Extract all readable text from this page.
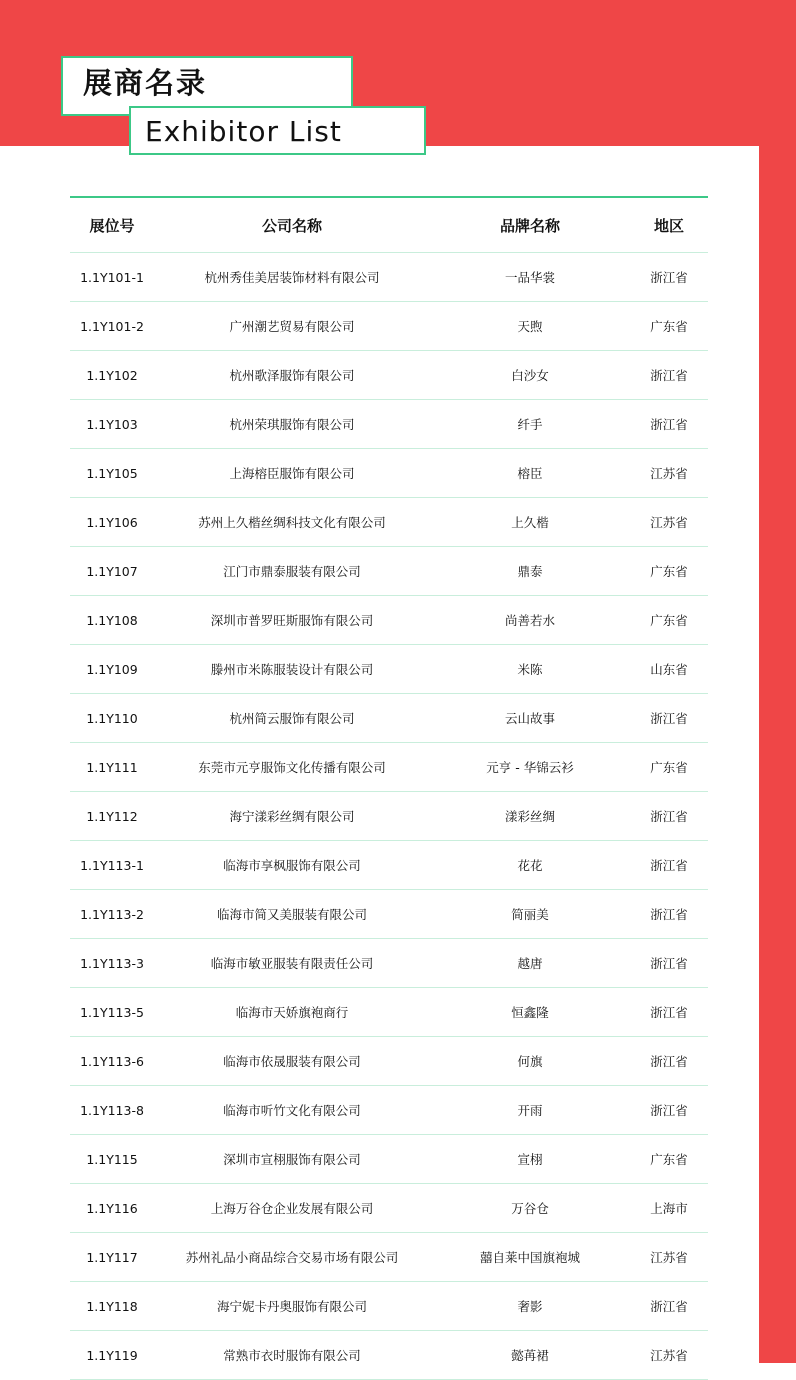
展商名录
Exhibitor List
展位号	公司名称	品牌名称	地区
1.1Y101-1	杭州秀佳美居装饰材料有限公司	一品华裳	浙江省
1.1Y101-2	广州潮艺贸易有限公司	天煦	广东省
1.1Y102	杭州歌泽服饰有限公司	白沙女	浙江省
1.1Y103	杭州荣琪服饰有限公司	纤手	浙江省
1.1Y105	上海榕臣服饰有限公司	榕臣	江苏省
1.1Y106	苏州上久楷丝绸科技文化有限公司	上久楷	江苏省
1.1Y107	江门市鼎泰服装有限公司	鼎泰	广东省
1.1Y108	深圳市普罗旺斯服饰有限公司	尚善若水	广东省
1.1Y109	滕州市米陈服装设计有限公司	米陈	山东省
1.1Y110	杭州简云服饰有限公司	云山故事	浙江省
1.1Y111	东莞市元亨服饰文化传播有限公司	元亨 - 华锦云衫	广东省
1.1Y112	海宁漾彩丝绸有限公司	漾彩丝绸	浙江省
1.1Y113-1	临海市享枫服饰有限公司	花花	浙江省
1.1Y113-2	临海市简又美服装有限公司	简丽美	浙江省
1.1Y113-3	临海市敏亚服装有限责任公司	越唐	浙江省
1.1Y113-5	临海市天娇旗袍商行	恒鑫隆	浙江省
1.1Y113-6	临海市依晟服装有限公司	何旗	浙江省
1.1Y113-8	临海市听竹文化有限公司	开雨	浙江省
1.1Y115	深圳市宣栩服饰有限公司	宣栩	广东省
1.1Y116	上海万谷仓企业发展有限公司	万谷仓	上海市
1.1Y117	苏州礼品小商品综合交易市场有限公司	囍自莱中国旗袍城	江苏省
1.1Y118	海宁妮卡丹奥服饰有限公司	奢影	浙江省
1.1Y119	常熟市衣时服饰有限公司	懿苒裙	江苏省
